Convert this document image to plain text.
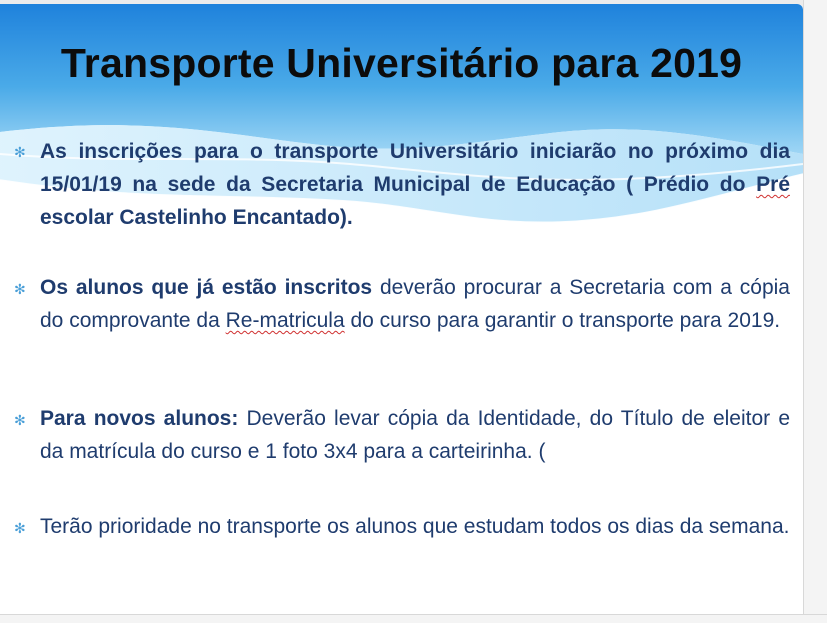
Transporte Universitário para 2019
✻ As inscrições para o transporte Universitário iniciarão no próximo dia 15/01/19 na sede da Secretaria Municipal de Educação ( Prédio do Pré escolar Castelinho Encantado).
✻ Os alunos que já estão inscritos deverão procurar a Secretaria com a cópia do comprovante da Re-matricula do curso para garantir o transporte para 2019.
✻ Para novos alunos: Deverão levar cópia da Identidade, do Título de eleitor e da matrícula do curso e 1 foto 3x4 para a carteirinha. (
✻ Terão prioridade no transporte os alunos que estudam todos os dias da semana.
